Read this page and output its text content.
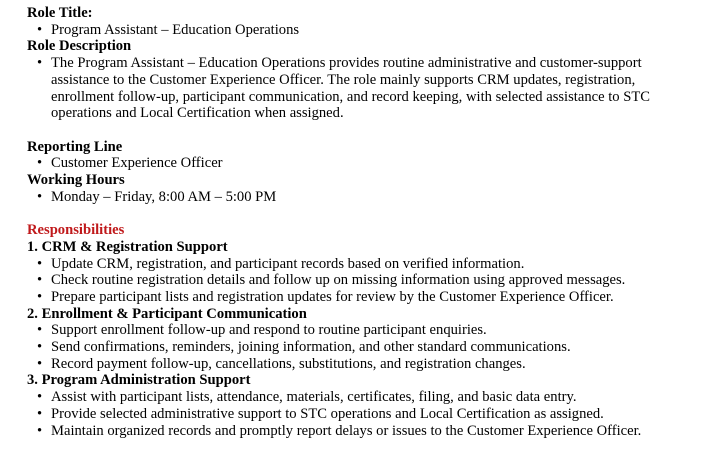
Role Title:

• Program Assistant – Education Operations

Role Description

• The Program Assistant – Education Operations provides routine administrative and customer-support assistance to the Customer Experience Officer. The role mainly supports CRM updates, registration, enrollment follow-up, participant communication, and record keeping, with selected assistance to STC operations and Local Certification when assigned.

Reporting Line

• Customer Experience Officer

Working Hours

• Monday – Friday, 8:00 AM – 5:00 PM

Responsibilities

1. CRM & Registration Support

• Update CRM, registration, and participant records based on verified information.
• Check routine registration details and follow up on missing information using approved messages.
• Prepare participant lists and registration updates for review by the Customer Experience Officer.

2. Enrollment & Participant Communication

• Support enrollment follow-up and respond to routine participant enquiries.
• Send confirmations, reminders, joining information, and other standard communications.
• Record payment follow-up, cancellations, substitutions, and registration changes.

3. Program Administration Support

• Assist with participant lists, attendance, materials, certificates, filing, and basic data entry.
• Provide selected administrative support to STC operations and Local Certification as assigned.
• Maintain organized records and promptly report delays or issues to the Customer Experience Officer.
